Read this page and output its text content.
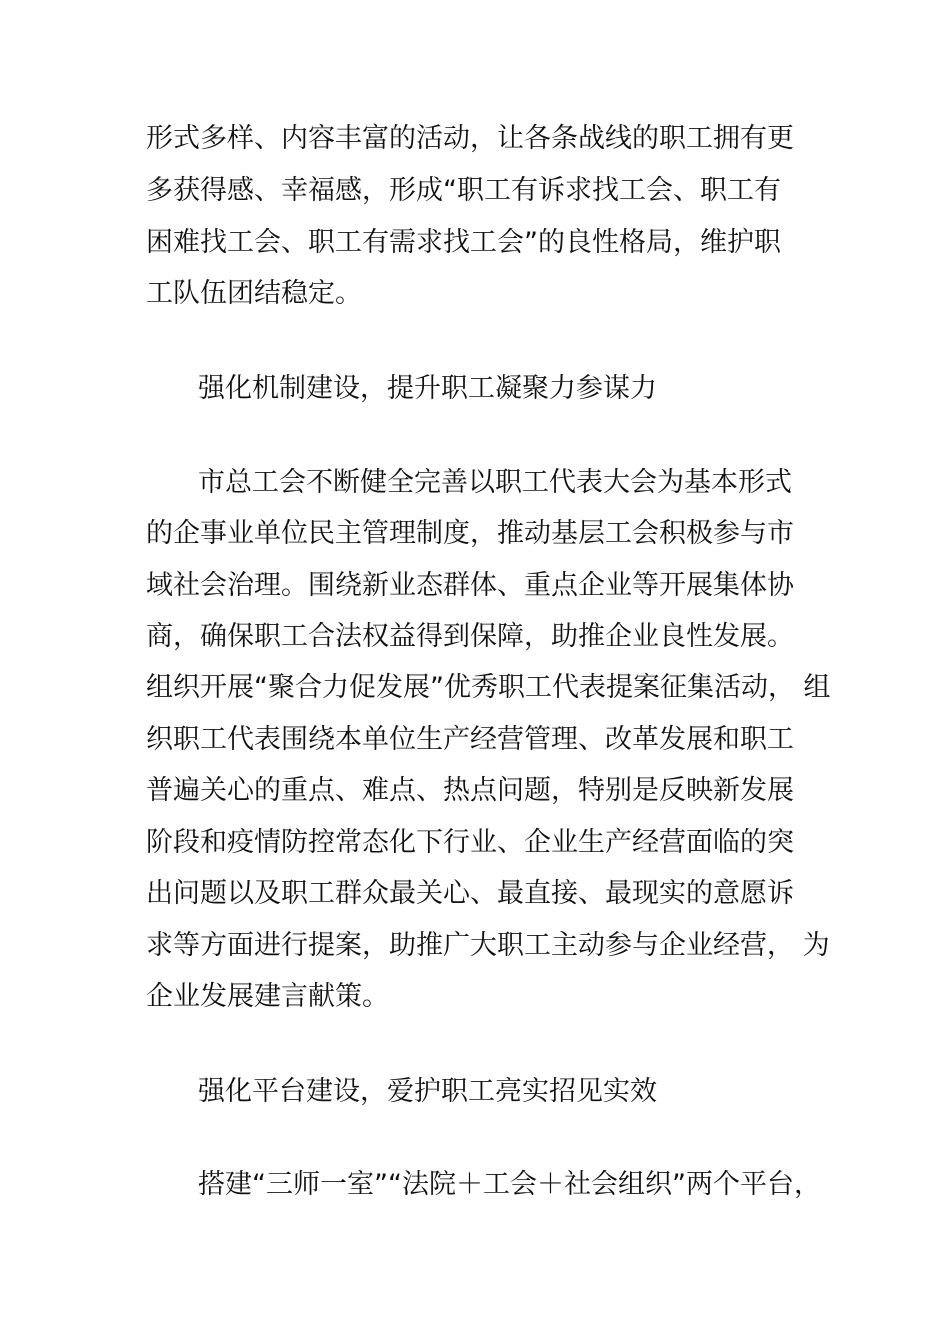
形式多样、内容丰富的活动，让各条战线的职工拥有更
多获得感、幸福感，形成“职工有诉求找工会、职工有
困难找工会、职工有需求找工会”的良性格局，维护职
工队伍团结稳定。
强化机制建设，提升职工凝聚力参谋力
市总工会不断健全完善以职工代表大会为基本形式
的企事业单位民主管理制度，推动基层工会积极参与市
域社会治理。围绕新业态群体、重点企业等开展集体协
商，确保职工合法权益得到保障，助推企业良性发展。
组织开展“聚合力促发展”优秀职工代表提案征集活动， 组
织职工代表围绕本单位生产经营管理、改革发展和职工
普遍关心的重点、难点、热点问题，特别是反映新发展
阶段和疫情防控常态化下行业、企业生产经营面临的突
出问题以及职工群众最关心、最直接、最现实的意愿诉
求等方面进行提案，助推广大职工主动参与企业经营， 为
企业发展建言献策。
强化平台建设，爱护职工亮实招见实效
搭建“三师一室”“法院＋工会＋社会组织”两个平台，
